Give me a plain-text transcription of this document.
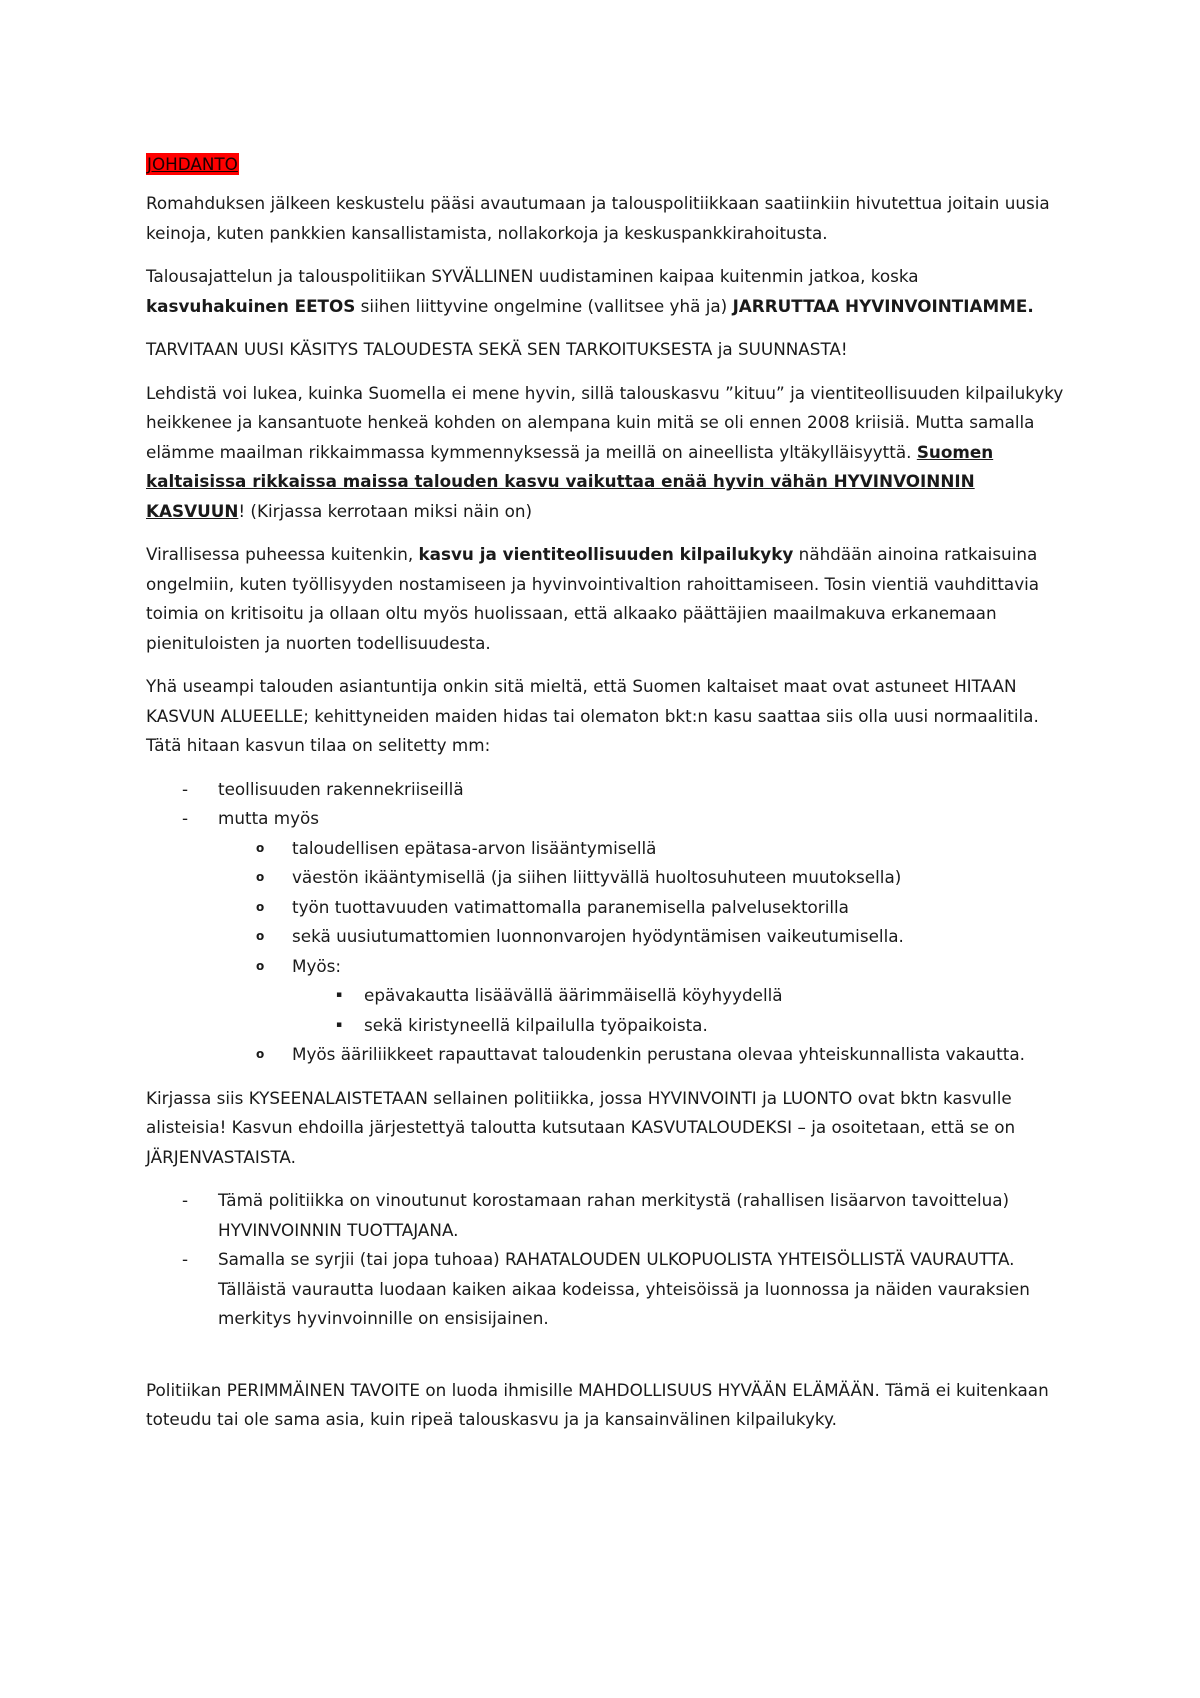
JOHDANTO

Romahduksen jälkeen keskustelu pääsi avautumaan ja talouspolitiikkaan saatiinkiin hivutettua joitain uusia keinoja, kuten pankkien kansallistamista, nollakorkoja ja keskuspankkirahoitusta.

Talousajattelun ja talouspolitiikan SYVÄLLINEN uudistaminen kaipaa kuitenmin jatkoa, koska kasvuhakuinen EETOS siihen liittyvine ongelmine (vallitsee yhä ja) JARRUTTAA HYVINVOINTIAMME.

TARVITAAN UUSI KÄSITYS TALOUDESTA SEKÄ SEN TARKOITUKSESTA ja SUUNNASTA!

Lehdistä voi lukea, kuinka Suomella ei mene hyvin, sillä talouskasvu ”kituu” ja vientiteollisuuden kilpailukyky heikkenee ja kansantuote henkeä kohden on alempana kuin mitä se oli ennen 2008 kriisiä. Mutta samalla elämme maailman rikkaimmassa kymmennyksessä ja meillä on aineellista yltäkylläisyyttä. Suomen kaltaisissa rikkaissa maissa talouden kasvu vaikuttaa enää hyvin vähän HYVINVOINNIN KASVUUN! (Kirjassa kerrotaan miksi näin on)

Virallisessa puheessa kuitenkin, kasvu ja vientiteollisuuden kilpailukyky nähdään ainoina ratkaisuina ongelmiin, kuten työllisyyden nostamiseen ja hyvinvointivaltion rahoittamiseen. Tosin vientiä vauhdittavia toimia on kritisoitu ja ollaan oltu myös huolissaan, että alkaako päättäjien maailmakuva erkanemaan pienituloisten ja nuorten todellisuudesta.

Yhä useampi talouden asiantuntija onkin sitä mieltä, että Suomen kaltaiset maat ovat astuneet HITAAN KASVUN ALUEELLE; kehittyneiden maiden hidas tai olematon bkt:n kasu saattaa siis olla uusi normaalitila. Tätä hitaan kasvun tilaa on selitetty mm:

- teollisuuden rakennekriiseillä
- mutta myös
o taloudellisen epätasa-arvon lisääntymisellä
o väestön ikääntymisellä (ja siihen liittyvällä huoltosuhuteen muutoksella)
o työn tuottavuuden vatimattomalla paranemisella palvelusektorilla
o sekä uusiutumattomien luonnonvarojen hyödyntämisen vaikeutumisella.
o Myös:
▪ epävakautta lisäävällä äärimmäisellä köyhyydellä
▪ sekä kiristyneellä kilpailulla työpaikoista.
o Myös ääriliikkeet rapauttavat taloudenkin perustana olevaa yhteiskunnallista vakautta.

Kirjassa siis KYSEENALAISTETAAN sellainen politiikka, jossa HYVINVOINTI ja LUONTO ovat bktn kasvulle alisteisia! Kasvun ehdoilla järjestettyä taloutta kutsutaan KASVUTALOUDEKSI – ja osoitetaan, että se on JÄRJENVASTAISTA.

- Tämä politiikka on vinoutunut korostamaan rahan merkitystä (rahallisen lisäarvon tavoittelua) HYVINVOINNIN TUOTTAJANA.
- Samalla se syrjii (tai jopa tuhoaa) RAHATALOUDEN ULKOPUOLISTA YHTEISÖLLISTÄ VAURAUTTA. Tälläistä vaurautta luodaan kaiken aikaa kodeissa, yhteisöissä ja luonnossa ja näiden vauraksien merkitys hyvinvoinnille on ensisijainen.

Politiikan PERIMMÄINEN TAVOITE on luoda ihmisille MAHDOLLISUUS HYVÄÄN ELÄMÄÄN. Tämä ei kuitenkaan toteudu tai ole sama asia, kuin ripeä talouskasvu ja ja kansainvälinen kilpailukyky.
